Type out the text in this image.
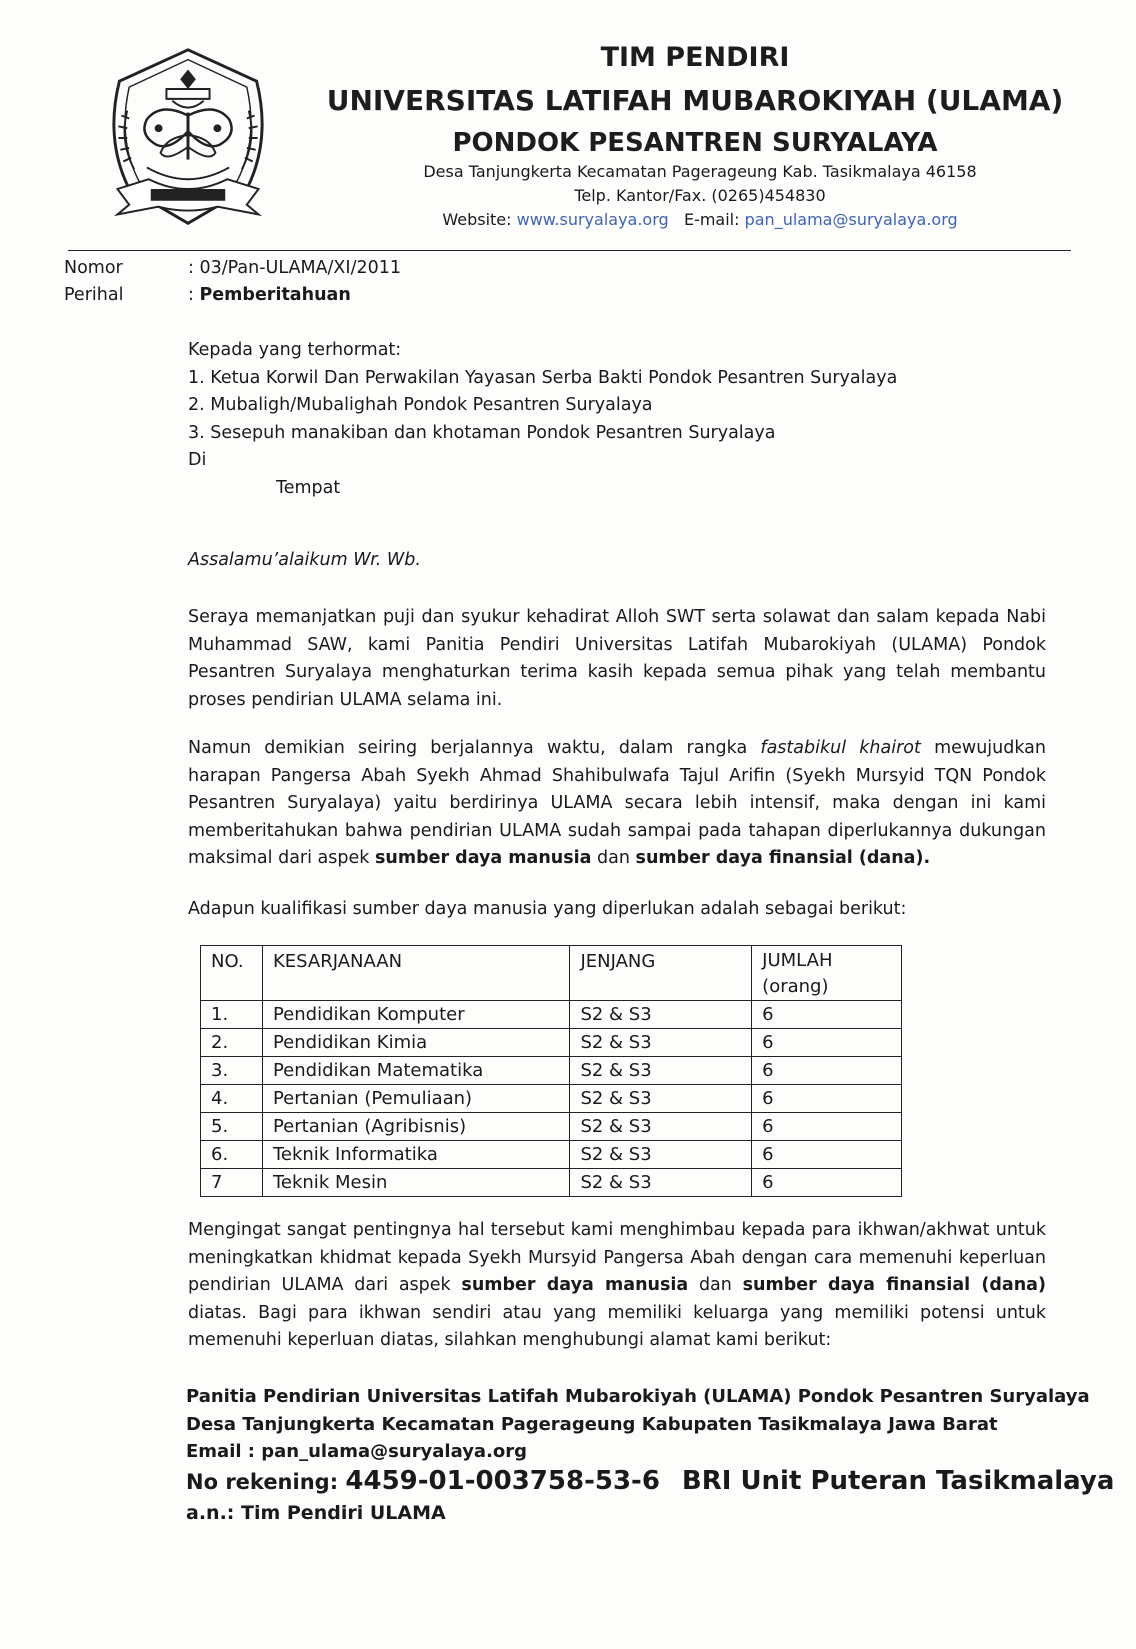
TIM PENDIRI
UNIVERSITAS LATIFAH MUBAROKIYAH (ULAMA)
PONDOK PESANTREN SURYALAYA
Desa Tanjungkerta Kecamatan Pagerageung Kab. Tasikmalaya 46158
Telp. Kantor/Fax. (0265)454830
Website: www.suryalaya.org E-mail: pan_ulama@suryalaya.org
Nomor	: 03/Pan-ULAMA/XI/2011
Perihal	: Pemberitahuan
Kepada yang terhormat:
1. Ketua Korwil Dan Perwakilan Yayasan Serba Bakti Pondok Pesantren Suryalaya
2. Mubaligh/Mubalighah Pondok Pesantren Suryalaya
3. Sesepuh manakiban dan khotaman Pondok Pesantren Suryalaya
Di
Tempat
Assalamu’alaikum Wr. Wb.
Seraya memanjatkan puji dan syukur kehadirat Alloh SWT serta solawat dan salam kepada Nabi Muhammad SAW, kami Panitia Pendiri Universitas Latifah Mubarokiyah (ULAMA) Pondok Pesantren Suryalaya menghaturkan terima kasih kepada semua pihak yang telah membantu proses pendirian ULAMA selama ini.
Namun demikian seiring berjalannya waktu, dalam rangka fastabikul khairot mewujudkan harapan Pangersa Abah Syekh Ahmad Shahibulwafa Tajul Arifin (Syekh Mursyid TQN Pondok Pesantren Suryalaya) yaitu berdirinya ULAMA secara lebih intensif, maka dengan ini kami memberitahukan bahwa pendirian ULAMA sudah sampai pada tahapan diperlukannya dukungan maksimal dari aspek sumber daya manusia dan sumber daya finansial (dana).
Adapun kualifikasi sumber daya manusia yang diperlukan adalah sebagai berikut:
NO.	KESARJANAAN	JENJANG	JUMLAH (orang)
1.	Pendidikan Komputer	S2 & S3	6
2.	Pendidikan Kimia	S2 & S3	6
3.	Pendidikan Matematika	S2 & S3	6
4.	Pertanian (Pemuliaan)	S2 & S3	6
5.	Pertanian (Agribisnis)	S2 & S3	6
6.	Teknik Informatika	S2 & S3	6
7	Teknik Mesin	S2 & S3	6
Mengingat sangat pentingnya hal tersebut kami menghimbau kepada para ikhwan/akhwat untuk meningkatkan khidmat kepada Syekh Mursyid Pangersa Abah dengan cara memenuhi keperluan pendirian ULAMA dari aspek sumber daya manusia dan sumber daya finansial (dana) diatas. Bagi para ikhwan sendiri atau yang memiliki keluarga yang memiliki potensi untuk memenuhi keperluan diatas, silahkan menghubungi alamat kami berikut:
Panitia Pendirian Universitas Latifah Mubarokiyah (ULAMA) Pondok Pesantren Suryalaya
Desa Tanjungkerta Kecamatan Pagerageung Kabupaten Tasikmalaya Jawa Barat
Email : pan_ulama@suryalaya.org
No rekening: 4459-01-003758-53-6 BRI Unit Puteran Tasikmalaya
a.n.: Tim Pendiri ULAMA
